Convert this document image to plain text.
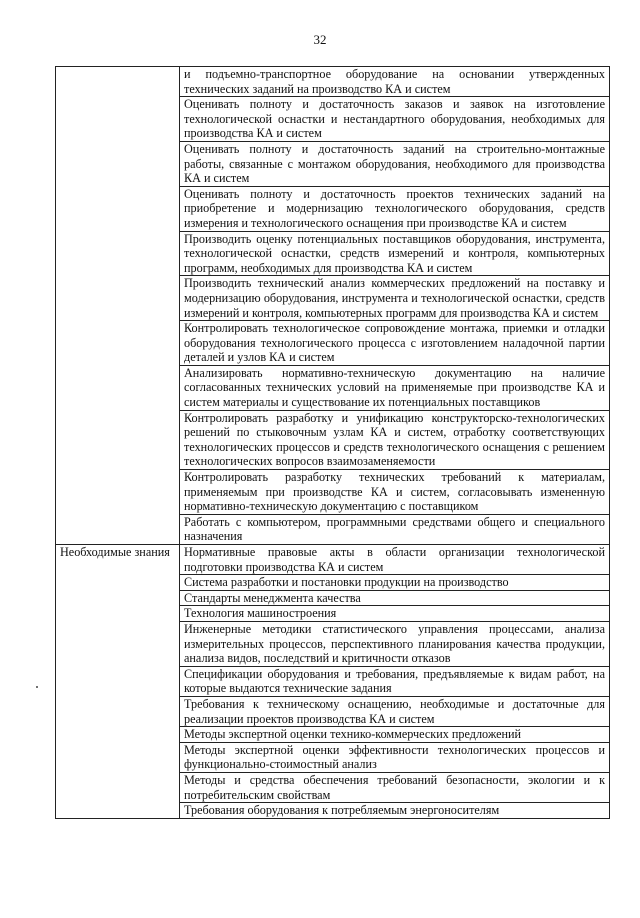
32
	и подъемно-транспортное оборудование на основании утвержденных технических заданий на производство КА и систем
	Оценивать полноту и достаточность заказов и заявок на изготовление технологической оснастки и нестандартного оборудования, необходимых для производства КА и систем
	Оценивать полноту и достаточность заданий на строительно-монтажные работы, связанные с монтажом оборудования, необходимого для производства КА и систем
	Оценивать полноту и достаточность проектов технических заданий на приобретение и модернизацию технологического оборудования, средств измерения и технологического оснащения при производстве КА и систем
	Производить оценку потенциальных поставщиков оборудования, инструмента, технологической оснастки, средств измерений и контроля, компьютерных программ, необходимых для производства КА и систем
	Производить технический анализ коммерческих предложений на поставку и модернизацию оборудования, инструмента и технологической оснастки, средств измерений и контроля, компьютерных программ для производства КА и систем
	Контролировать технологическое сопровождение монтажа, приемки и отладки оборудования технологического процесса с изготовлением наладочной партии деталей и узлов КА и систем
	Анализировать нормативно-техническую документацию на наличие согласованных технических условий на применяемые при производстве КА и систем материалы и существование их потенциальных поставщиков
	Контролировать разработку и унификацию конструкторско-технологических решений по стыковочным узлам КА и систем, отработку соответствующих технологических процессов и средств технологического оснащения с решением технологических вопросов взаимозаменяемости
	Контролировать разработку технических требований к материалам, применяемым при производстве КА и систем, согласовывать измененную нормативно-техническую документацию с поставщиком
	Работать с компьютером, программными средствами общего и специального назначения
Необходимые знания	Нормативные правовые акты в области организации технологической подготовки производства КА и систем
	Система разработки и постановки продукции на производство
	Стандарты менеджмента качества
	Технология машиностроения
	Инженерные методики статистического управления процессами, анализа измерительных процессов, перспективного планирования качества продукции, анализа видов, последствий и критичности отказов
	Спецификации оборудования и требования, предъявляемые к видам работ, на которые выдаются технические задания
	Требования к техническому оснащению, необходимые и достаточные для реализации проектов производства КА и систем
	Методы экспертной оценки технико-коммерческих предложений
	Методы экспертной оценки эффективности технологических процессов и функционально-стоимостный анализ
	Методы и средства обеспечения требований безопасности, экологии и к потребительским свойствам
	Требования оборудования к потребляемым энергоносителям
